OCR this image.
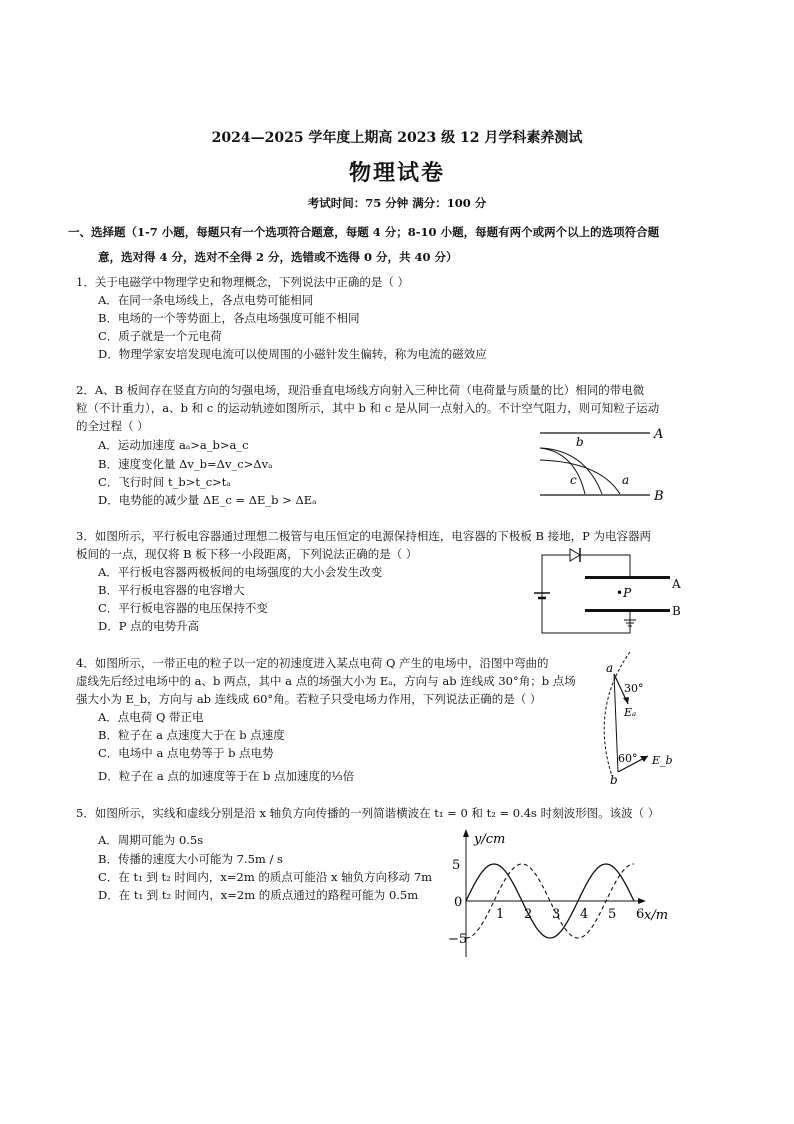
2024—2025 学年度上期高 2023 级 12 月学科素养测试
物理试卷
考试时间：75 分钟 满分：100 分
一、选择题（1-7 小题，每题只有一个选项符合题意，每题 4 分；8-10 小题，每题有两个或两个以上的选项符合题
意，选对得 4 分，选对不全得 2 分，选错或不选得 0 分，共 40 分）
1．关于电磁学中物理学史和物理概念，下列说法中正确的是（ ）
A．在同一条电场线上，各点电势可能相同
B．电场的一个等势面上，各点电场强度可能不相同
C．质子就是一个元电荷
D．物理学家安培发现电流可以使周围的小磁针发生偏转，称为电流的磁效应
2．A、B 板间存在竖直方向的匀强电场，现沿垂直电场线方向射入三种比荷（电荷量与质量的比）相同的带电微
粒（不计重力），a、b 和 c 的运动轨迹如图所示，其中 b 和 c 是从同一点射入的。不计空气阻力，则可知粒子运动
的全过程（ ）
A．运动加速度 aₐ>a_b>a_c
B．速度变化量 Δv_b=Δv_c>Δvₐ
C．飞行时间 t_b>t_c>tₐ
D．电势能的减少量 ΔE_c = ΔE_b > ΔEₐ
A
B
b
c	a
3．如图所示，平行板电容器通过理想二极管与电压恒定的电源保持相连，电容器的下极板 B 接地，P 为电容器两
板间的一点，现仅将 B 板下移一小段距离，下列说法正确的是（ ）
A．平行板电容器两极板间的电场强度的大小会发生改变
B．平行板电容器的电容增大
C．平行板电容器的电压保持不变
D．P 点的电势升高
•P
A
B
4．如图所示，一带正电的粒子以一定的初速度进入某点电荷 Q 产生的电场中，沿图中弯曲的
虚线先后经过电场中的 a、b 两点，其中 a 点的场强大小为 Eₐ，方向与 ab 连线成 30°角；b 点场
强大小为 E_b，方向与 ab 连线成 60°角。若粒子只受电场力作用，下列说法正确的是（ ）
A．点电荷 Q 带正电
B．粒子在 a 点速度大于在 b 点速度
C．电场中 a 点电势等于 b 点电势
D．粒子在 a 点的加速度等于在 b 点加速度的⅓倍
a
b
30°
60°
Eₐ
E_b
5．如图所示，实线和虚线分别是沿 x 轴负方向传播的一列简谐横波在 t₁ = 0 和 t₂ = 0.4s 时刻波形图。该波（ ）
A．周期可能为 0.5s
B．传播的速度大小可能为 7.5m / s
C．在 t₁ 到 t₂ 时间内，x=2m 的质点可能沿 x 轴负方向移动 7m
D．在 t₁ 到 t₂ 时间内，x=2m 的质点通过的路程可能为 0.5m
y/cm
x/m
0
5
−5
1 2 3 4 5 6
